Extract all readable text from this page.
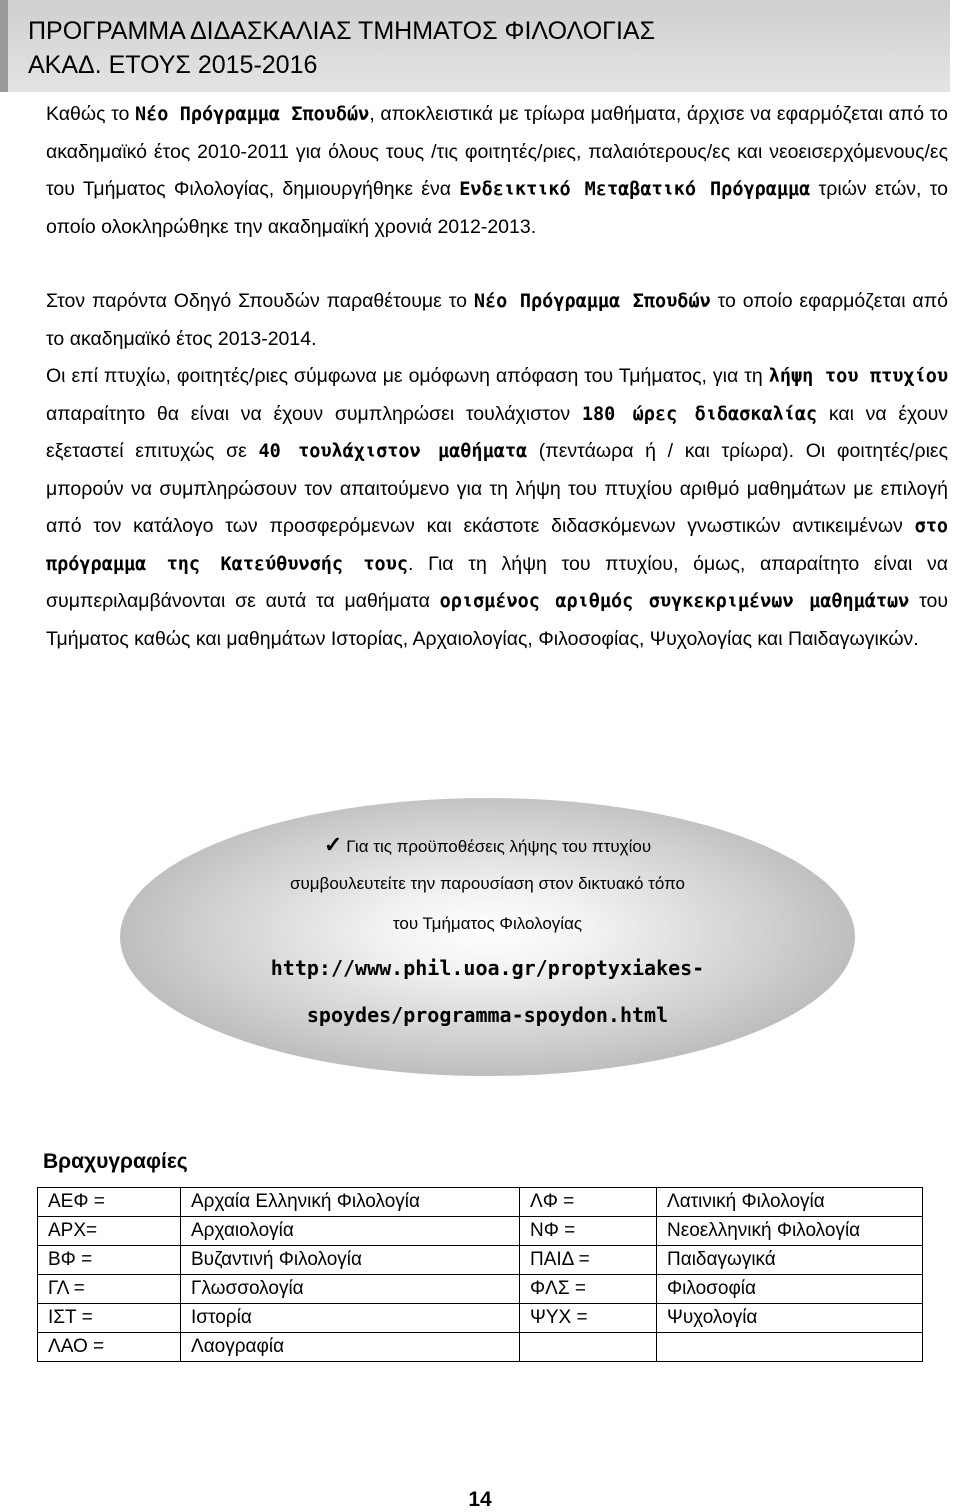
ΠΡΟΓΡΑΜΜΑ ΔΙΔΑΣΚΑΛΙΑΣ ΤΜΗΜΑΤΟΣ ΦΙΛΟΛΟΓΙΑΣ
ΑΚΑΔ. ΕΤΟΥΣ 2015-2016

Καθώς το Νέο Πρόγραμμα Σπουδών, αποκλειστικά με τρίωρα μαθήματα, άρχισε να εφαρμόζεται από το ακαδημαϊκό έτος 2010-2011 για όλους τους /τις φοιτητές/ριες, παλαιότερους/ες και νεοεισερχόμενους/ες του Τμήματος Φιλολογίας, δημιουργήθηκε ένα Ενδεικτικό Μεταβατικό Πρόγραμμα τριών ετών, το οποίο ολοκληρώθηκε την ακαδημαϊκή χρονιά 2012-2013.

Στον παρόντα Οδηγό Σπουδών παραθέτουμε το Νέο Πρόγραμμα Σπουδών το οποίο εφαρμόζεται από το ακαδημαϊκό έτος 2013-2014.

Οι επί πτυχίω, φοιτητές/ριες σύμφωνα με ομόφωνη απόφαση του Τμήματος, για τη λήψη του πτυχίου απαραίτητο θα είναι να έχουν συμπληρώσει τουλάχιστον 180 ώρες διδασκαλίας και να έχουν εξεταστεί επιτυχώς σε 40 τουλάχιστον μαθήματα (πεντάωρα ή / και τρίωρα). Οι φοιτητές/ριες μπορούν να συμπληρώσουν τον απαιτούμενο για τη λήψη του πτυχίου αριθμό μαθημάτων με επιλογή από τον κατάλογο των προσφερόμενων και εκάστοτε διδασκόμενων γνωστικών αντικειμένων στο πρόγραμμα της Κατεύθυνσής τους. Για τη λήψη του πτυχίου, όμως, απαραίτητο είναι να συμπεριλαμβάνονται σε αυτά τα μαθήματα ορισμένος αριθμός συγκεκριμένων μαθημάτων του Τμήματος καθώς και μαθημάτων Ιστορίας, Αρχαιολογίας, Φιλοσοφίας, Ψυχολογίας και Παιδαγωγικών.

✓ Για τις προϋποθέσεις λήψης του πτυχίου
συμβουλευτείτε την παρουσίαση στον δικτυακό τόπο
του Τμήματος Φιλολογίας
http://www.phil.uoa.gr/proptyxiakes-
spoydes/programma-spoydon.html
Βραχυγραφίες
ΑΕΦ =	Αρχαία Ελληνική Φιλολογία	ΛΦ =	Λατινική Φιλολογία
ΑΡΧ=	Αρχαιολογία	ΝΦ =	Νεοελληνική Φιλολογία
ΒΦ =	Βυζαντινή Φιλολογία	ΠΑΙΔ =	Παιδαγωγικά
ΓΛ =	Γλωσσολογία	ΦΛΣ =	Φιλοσοφία
ΙΣΤ =	Ιστορία	ΨΥΧ =	Ψυχολογία
ΛΑΟ =	Λαογραφία		
14
